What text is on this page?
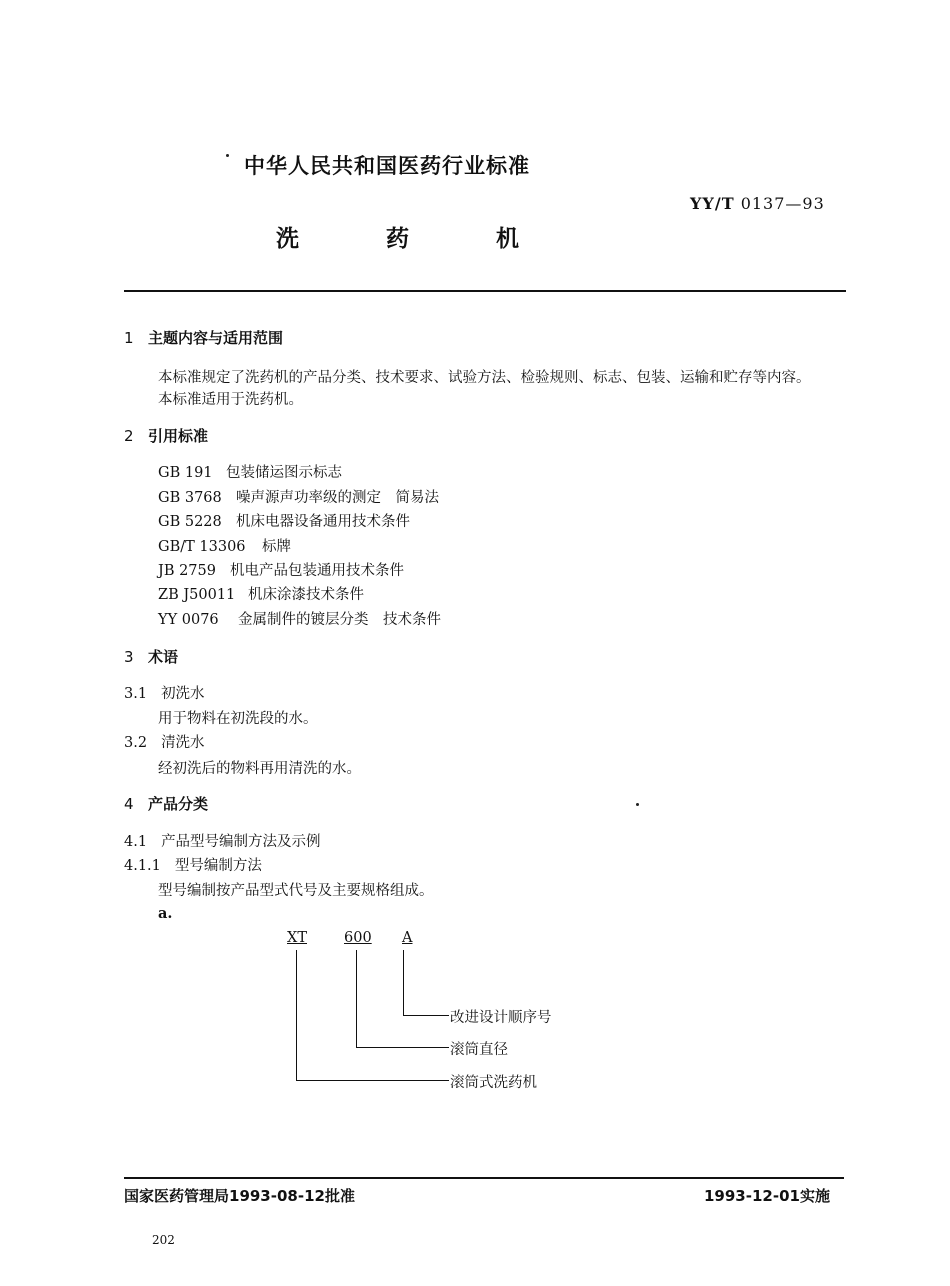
中华人民共和国医药行业标准
YY/T 0137—93
洗	药	机
1 主题内容与适用范围
本标准规定了洗药机的产品分类、技术要求、试验方法、检验规则、标志、包装、运输和贮存等内容。
本标准适用于洗药机。
2 引用标准
GB 191 包装储运图示标志
GB 3768 噪声源声功率级的测定　简易法
GB 5228 机床电器设备通用技术条件
GB/T 13306 标牌
JB 2759 机电产品包装通用技术条件
ZB J50011 机床涂漆技术条件
YY 0076 金属制件的镀层分类　技术条件
3 术语
3.1 初洗水
用于物料在初洗段的水。
3.2 清洗水
经初洗后的物料再用清洗的水。
4 产品分类
4.1 产品型号编制方法及示例
4.1.1 型号编制方法
型号编制按产品型式代号及主要规格组成。
a.
XT	600 A
改进设计顺序号
滚筒直径
滚筒式洗药机
国家医药管理局1993-08-12批准	1993-12-01实施
202
